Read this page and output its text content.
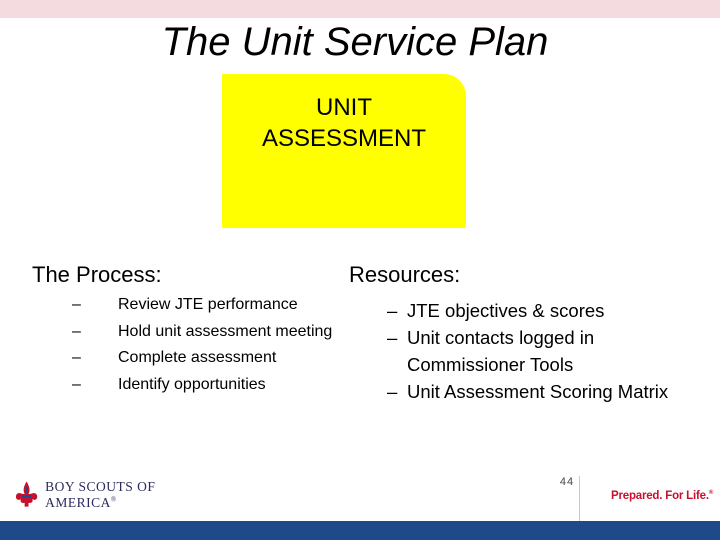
The Unit Service Plan
UNIT
ASSESSMENT
The Process:
–	Review JTE performance
–	Hold unit assessment meeting
–	Complete assessment
–	Identify opportunities
Resources:
– JTE objectives & scores
– Unit contacts logged in Commissioner Tools
– Unit Assessment Scoring Matrix
BOY SCOUTS OF AMERICA®
44
Prepared. For Life.®
